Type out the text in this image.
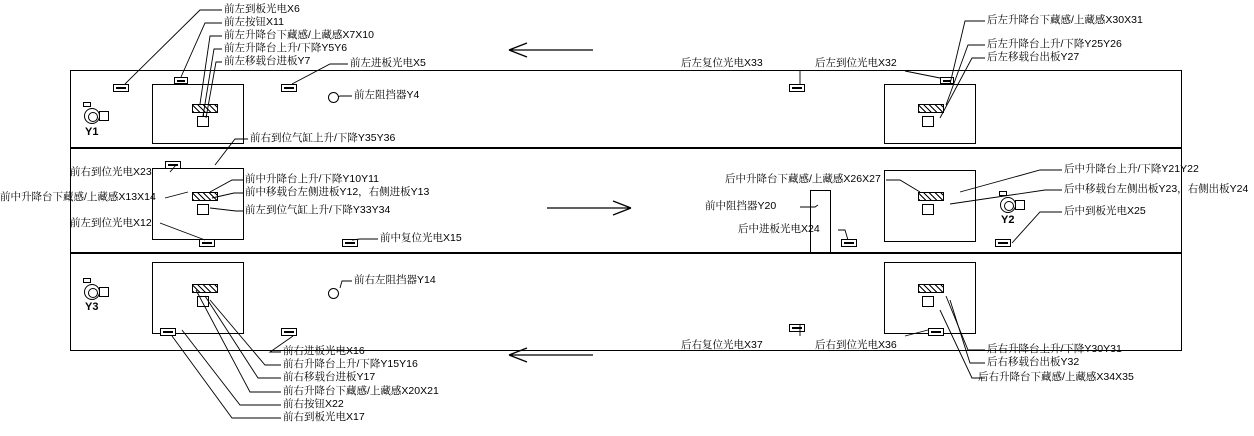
Y1
Y2
Y3
前左到板光电X6
前左按钮X11
前左升降台下藏感/上藏感X7X10
前左升降台上升/下降Y5Y6
前左移载台进板Y7	前左进板光电X5
前左阻挡器Y4
前右到位气缸上升/下降Y35Y36
后左升降台下藏感/上藏感X30X31
后左升降台上升/下降Y25Y26
后左移载台出板Y27
后左复位光电X33	后左到位光电X32
前右到位光电X23
前中升降台下藏感/上藏感X13X14
前左到位光电X12
前中升降台上升/下降Y10Y11
前中移载台左侧进板Y12，右侧进板Y13
前左到位气缸上升/下降Y33Y34
前中复位光电X15
后中升降台下藏感/上藏感X26X27
前中阻挡器Y20
后中进板光电X24
后中升降台上升/下降Y21Y22
后中移载台左侧出板Y23，右侧出板Y24
后中到板光电X25
前右左阻挡器Y14
前右进板光电X16
前右升降台上升/下降Y15Y16
前右移载台进板Y17
前右升降台下藏感/上藏感X20X21
前右按钮X22
前右到板光电X17
后右复位光电X37	后右到位光电X36	后右升降台上升/下降Y30Y31
后右移载台出板Y32
后右升降台下藏感/上藏感X34X35
